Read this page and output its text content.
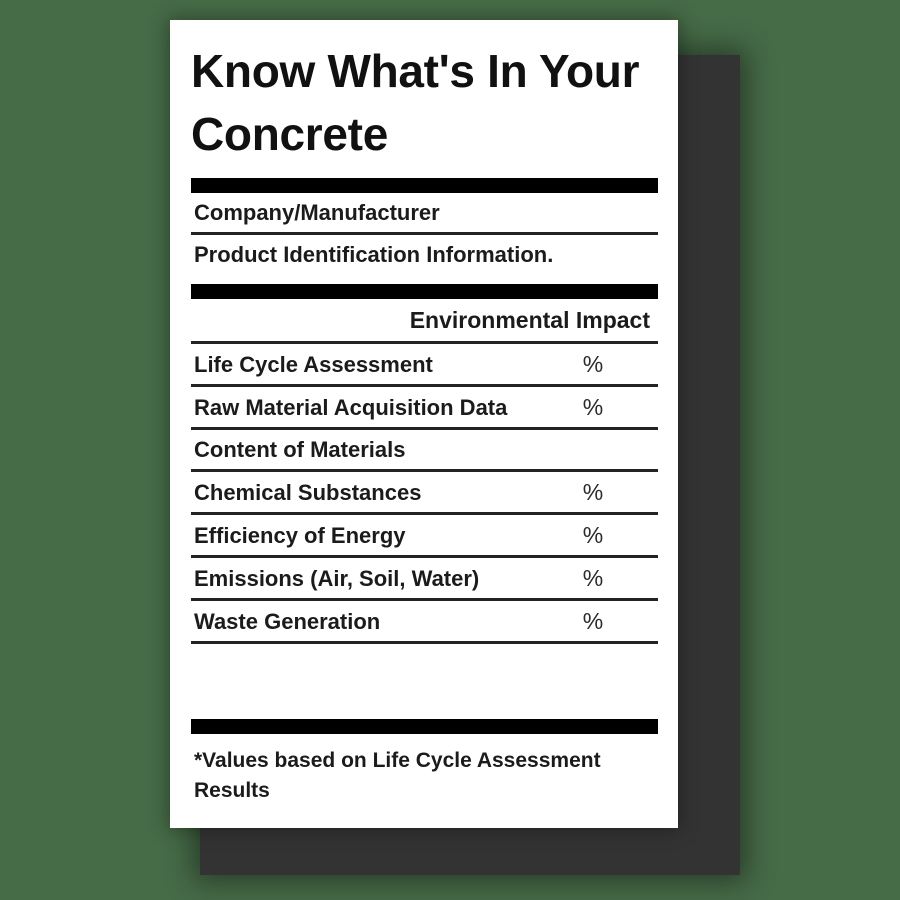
Know What's In Your Concrete
Company/Manufacturer
Product Identification Information.
Environmental Impact
Life Cycle Assessment	%
Raw Material Acquisition Data	%
Content of Materials
Chemical Substances	%
Efficiency of Energy	%
Emissions (Air, Soil, Water)	%
Waste Generation	%
*Values based on Life Cycle Assessment Results
